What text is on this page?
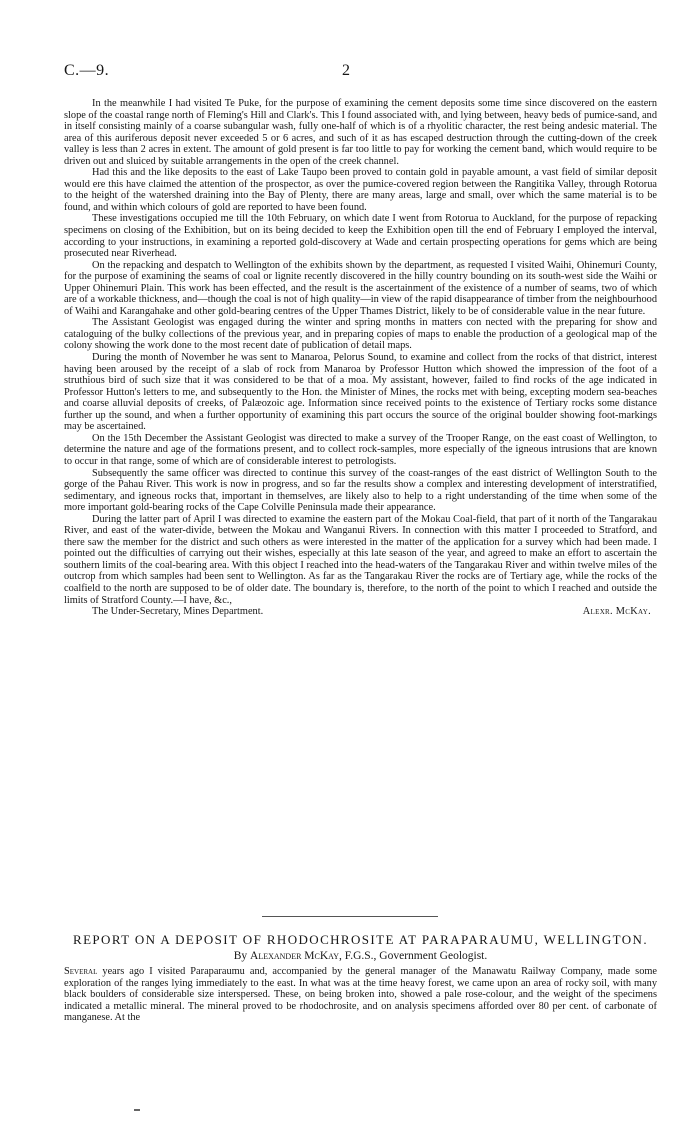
C.—9.	2

In the meanwhile I had visited Te Puke, for the purpose of examining the cement deposits some time since discovered on the eastern slope of the coastal range north of Fleming's Hill and Clark's. This I found associated with, and lying between, heavy beds of pumice-sand, and in itself consisting mainly of a coarse subangular wash, fully one-half of which is of a rhyolitic character, the rest being andesic material. The area of this auriferous deposit never exceeded 5 or 6 acres, and such of it as has escaped destruction through the cutting-down of the creek valley is less than 2 acres in extent. The amount of gold present is far too little to pay for working the cement band, which would require to be driven out and sluiced by suitable arrangements in the open of the creek channel.

Had this and the like deposits to the east of Lake Taupo been proved to contain gold in payable amount, a vast field of similar deposit would ere this have claimed the attention of the prospector, as over the pumice-covered region between the Rangitika Valley, through Rotorua to the height of the watershed draining into the Bay of Plenty, there are many areas, large and small, over which the same material is to be found, and within which colours of gold are reported to have been found.

These investigations occupied me till the 10th February, on which date I went from Rotorua to Auckland, for the purpose of repacking specimens on closing of the Exhibition, but on its being decided to keep the Exhibition open till the end of February I employed the interval, according to your instructions, in examining a reported gold-discovery at Wade and certain prospecting operations for gems which are being prosecuted near Riverhead.

On the repacking and despatch to Wellington of the exhibits shown by the department, as requested I visited Waihi, Ohinemuri County, for the purpose of examining the seams of coal or lignite recently discovered in the hilly country bounding on its south-west side the Waihi or Upper Ohinemuri Plain. This work has been effected, and the result is the ascertainment of the existence of a number of seams, two of which are of a workable thickness, and—though the coal is not of high quality—in view of the rapid disappearance of timber from the neighbourhood of Waihi and Karangahake and other gold-bearing centres of the Upper Thames District, likely to be of considerable value in the near future.

The Assistant Geologist was engaged during the winter and spring months in matters con nected with the preparing for show and cataloguing of the bulky collections of the previous year, and in preparing copies of maps to enable the production of a geological map of the colony showing the work done to the most recent date of publication of detail maps.

During the month of November he was sent to Manaroa, Pelorus Sound, to examine and collect from the rocks of that district, interest having been aroused by the receipt of a slab of rock from Manaroa by Professor Hutton which showed the impression of the foot of a struthious bird of such size that it was considered to be that of a moa. My assistant, however, failed to find rocks of the age indicated in Professor Hutton's letters to me, and subsequently to the Hon. the Minister of Mines, the rocks met with being, excepting modern sea-beaches and coarse alluvial deposits of creeks, of Palæozoic age. Information since received points to the existence of Tertiary rocks some distance further up the sound, and when a further opportunity of examining this part occurs the source of the original boulder showing foot-markings may be ascertained.

On the 15th December the Assistant Geologist was directed to make a survey of the Trooper Range, on the east coast of Wellington, to determine the nature and age of the formations present, and to collect rock-samples, more especially of the igneous intrusions that are known to occur in that range, some of which are of considerable interest to petrologists.

Subsequently the same officer was directed to continue this survey of the coast-ranges of the east district of Wellington South to the gorge of the Pahau River. This work is now in progress, and so far the results show a complex and interesting development of interstratified, sedimentary, and igneous rocks that, important in themselves, are likely also to help to a right understanding of the time when some of the more important gold-bearing rocks of the Cape Colville Peninsula made their appearance.

During the latter part of April I was directed to examine the eastern part of the Mokau Coal-field, that part of it north of the Tangarakau River, and east of the water-divide, between the Mokau and Wanganui Rivers. In connection with this matter I proceeded to Stratford, and there saw the member for the district and such others as were interested in the matter of the application for a survey which had been made. I pointed out the difficulties of carrying out their wishes, especially at this late season of the year, and agreed to make an effort to ascertain the southern limits of the coal-bearing area. With this object I reached into the head-waters of the Tangarakau River and within twelve miles of the outcrop from which samples had been sent to Wellington. As far as the Tangarakau River the rocks are of Tertiary age, while the rocks of the coalfield to the north are supposed to be of older date. The boundary is, therefore, to the north of the point to which I reached and outside the limits of Stratford County.—I have, &c.,

The Under-Secretary, Mines Department.	Alexr. McKay.
REPORT ON A DEPOSIT OF RHODOCHROSITE AT PARAPARAUMU, WELLINGTON.
By Alexander McKay, F.G.S., Government Geologist.

Several years ago I visited Paraparaumu and, accompanied by the general manager of the Manawatu Railway Company, made some exploration of the ranges lying immediately to the east. In what was at the time heavy forest, we came upon an area of rocky soil, with many black boulders of considerable size interspersed. These, on being broken into, showed a pale rose-colour, and the weight of the specimens indicated a metallic mineral. The mineral proved to be rhodochrosite, and on analysis specimens afforded over 80 per cent. of carbonate of manganese. At the
